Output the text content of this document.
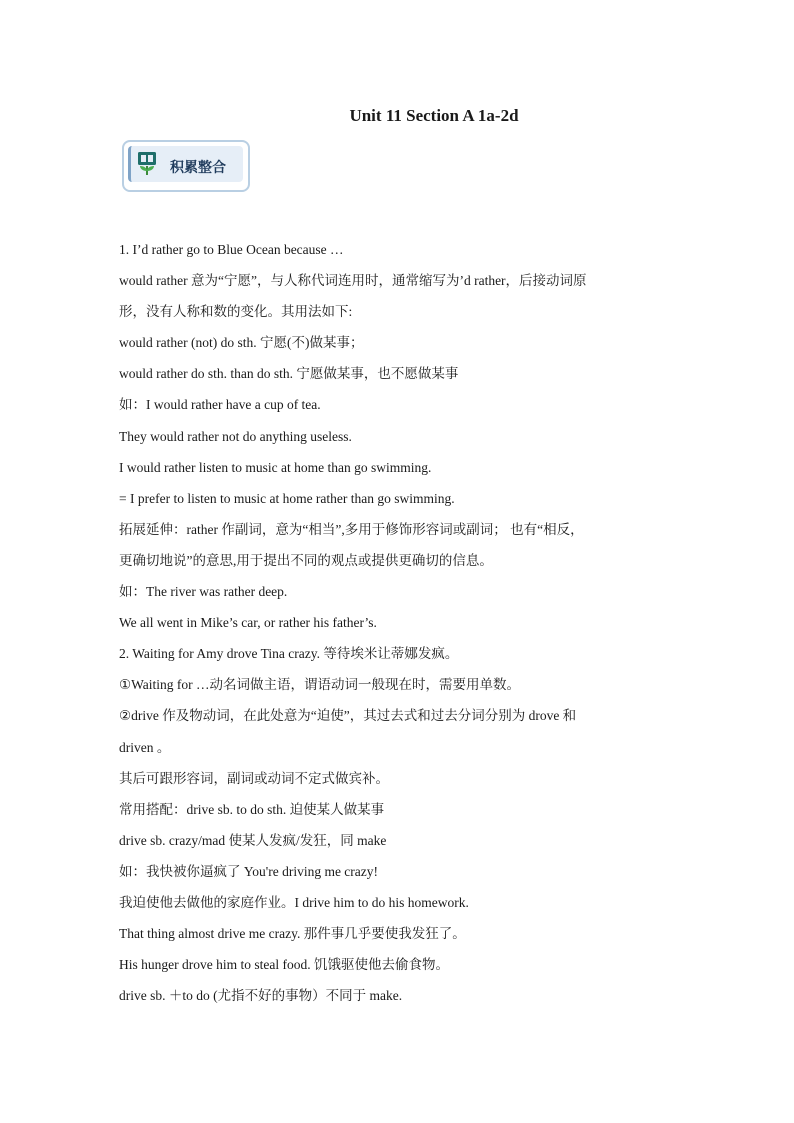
Unit 11 Section A 1a-2d
积累整合
1. I’d rather go to Blue Ocean because …
would rather 意为“宁愿”，与人称代词连用时，通常缩写为’d rather，后接动词原
形，没有人称和数的变化。其用法如下:
would rather (not) do sth. 宁愿(不)做某事；
would rather do sth. than do sth. 宁愿做某事，也不愿做某事
如：I would rather have a cup of tea.
They would rather not do anything useless.
I would rather listen to music at home than go swimming.
= I prefer to listen to music at home rather than go swimming.
拓展延伸：rather 作副词，意为“相当”,多用于修饰形容词或副词； 也有“相反，
更确切地说”的意思,用于提出不同的观点或提供更确切的信息。
如：The river was rather deep.
We all went in Mike’s car, or rather his father’s.
2. Waiting for Amy drove Tina crazy. 等待埃米让蒂娜发疯。
①Waiting for …动名词做主语，谓语动词一般现在时，需要用单数。
②drive 作及物动词，在此处意为“迫使”，其过去式和过去分词分别为 drove 和
driven 。
其后可跟形容词，副词或动词不定式做宾补。
常用搭配：drive sb. to do sth. 迫使某人做某事
drive sb. crazy/mad 使某人发疯/发狂，同 make
如：我快被你逼疯了 You're driving me crazy!
我迫使他去做他的家庭作业。I drive him to do his homework.
That thing almost drive me crazy. 那件事几乎要使我发狂了。
His hunger drove him to steal food. 饥饿驱使他去偷食物。
drive sb. ＋to do (尤指不好的事物）不同于 make.
